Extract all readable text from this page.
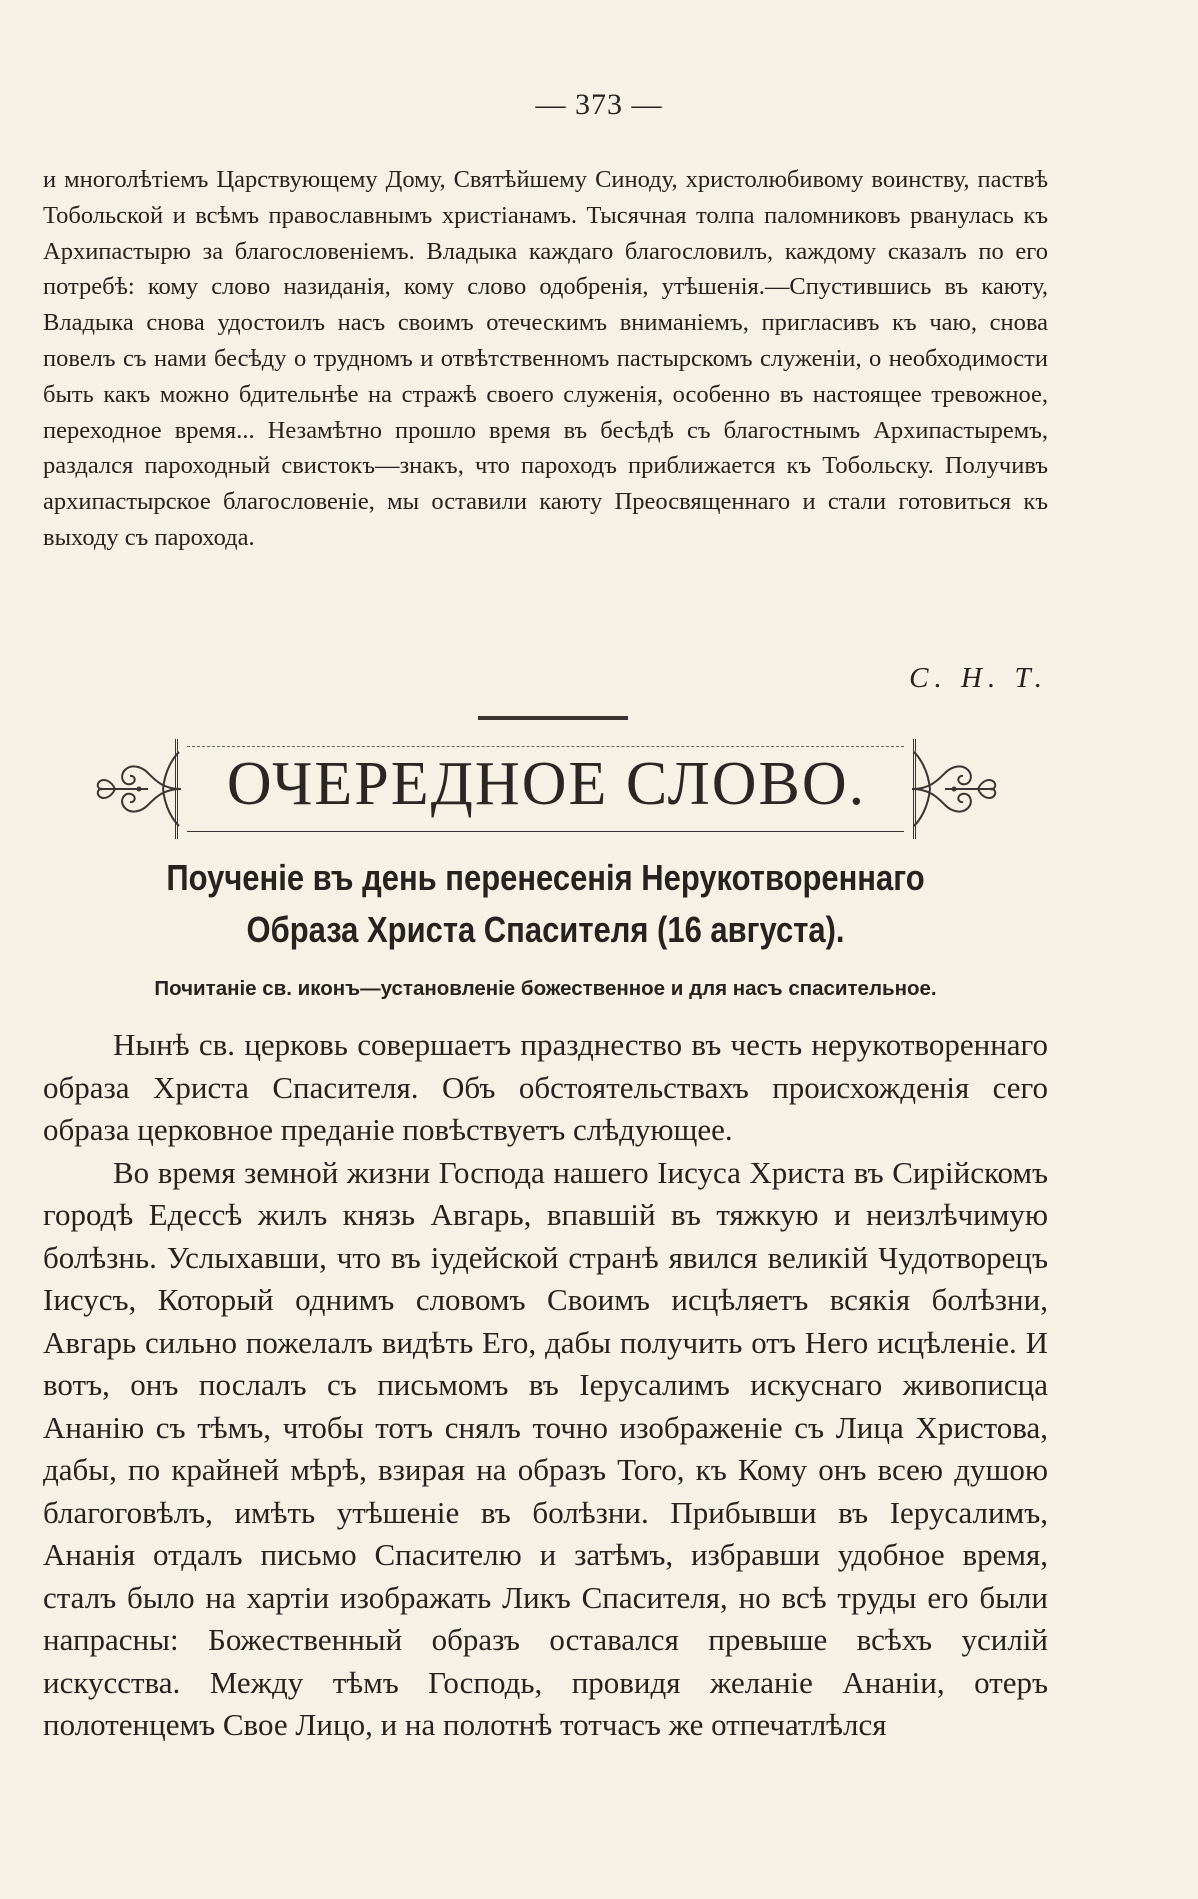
— 373 —
и многолѣтіемъ Царствующему Дому, Святѣйшему Синоду, христолюбивому воинству, паствѣ Тобольской и всѣмъ православнымъ христіанамъ. Тысячная толпа паломниковъ рванулась къ Архипастырю за благословеніемъ. Владыка каждаго благословилъ, каждому сказалъ по его потребѣ: кому слово назиданія, кому слово одобренія, утѣшенія.—Спустившись въ каюту, Владыка снова удостоилъ насъ своимъ отеческимъ вниманіемъ, пригласивъ къ чаю, снова повелъ съ нами бесѣду о трудномъ и отвѣтственномъ пастырскомъ служеніи, о необходимости быть какъ можно бдительнѣе на стражѣ своего служенія, особенно въ настоящее тревожное, переходное время... Незамѣтно прошло время въ бесѣдѣ съ благостнымъ Архипастыремъ, раздался пароходный свистокъ—знакъ, что пароходъ приближается къ Тобольску. Получивъ архипастырское благословеніе, мы оставили каюту Преосвященнаго и стали готовиться къ выходу съ парохода.
С. Н. Т.
ОЧЕРЕДНОЕ СЛОВО.
Поученіе въ день перенесенія Нерукотвореннаго Образа Христа Спасителя (16 августа).
Почитаніе св. иконъ—установленіе божественное и для насъ спасительное.

Нынѣ св. церковь совершаетъ празднество въ честь нерукотвореннаго образа Христа Спасителя. Объ обстоятельствахъ происхожденія сего образа церковное преданіе повѣствуетъ слѣдующее.

Во время земной жизни Господа нашего Іисуса Христа въ Сирійскомъ городѣ Едессѣ жилъ князь Авгарь, впавшій въ тяжкую и неизлѣчимую болѣзнь. Услыхавши, что въ іудейской странѣ явился великій Чудотворецъ Іисусъ, Который однимъ словомъ Своимъ исцѣляетъ всякія болѣзни, Авгарь сильно пожелалъ видѣть Его, дабы получить отъ Него исцѣленіе. И вотъ, онъ послалъ съ письмомъ въ Іерусалимъ искуснаго живописца Ананію съ тѣмъ, чтобы тотъ снялъ точно изображеніе съ Лица Христова, дабы, по крайней мѣрѣ, взирая на образъ Того, къ Кому онъ всею душою благоговѣлъ, имѣть утѣшеніе въ болѣзни. Прибывши въ Іерусалимъ, Ананія отдалъ письмо Спасителю и затѣмъ, избравши удобное время, сталъ было на хартіи изображать Ликъ Спасителя, но всѣ труды его были напрасны: Божественный образъ оставался превыше всѣхъ усилій искусства. Между тѣмъ Господь, провидя желаніе Ананіи, отеръ полотенцемъ Свое Лицо, и на полотнѣ тотчасъ же отпечатлѣлся
